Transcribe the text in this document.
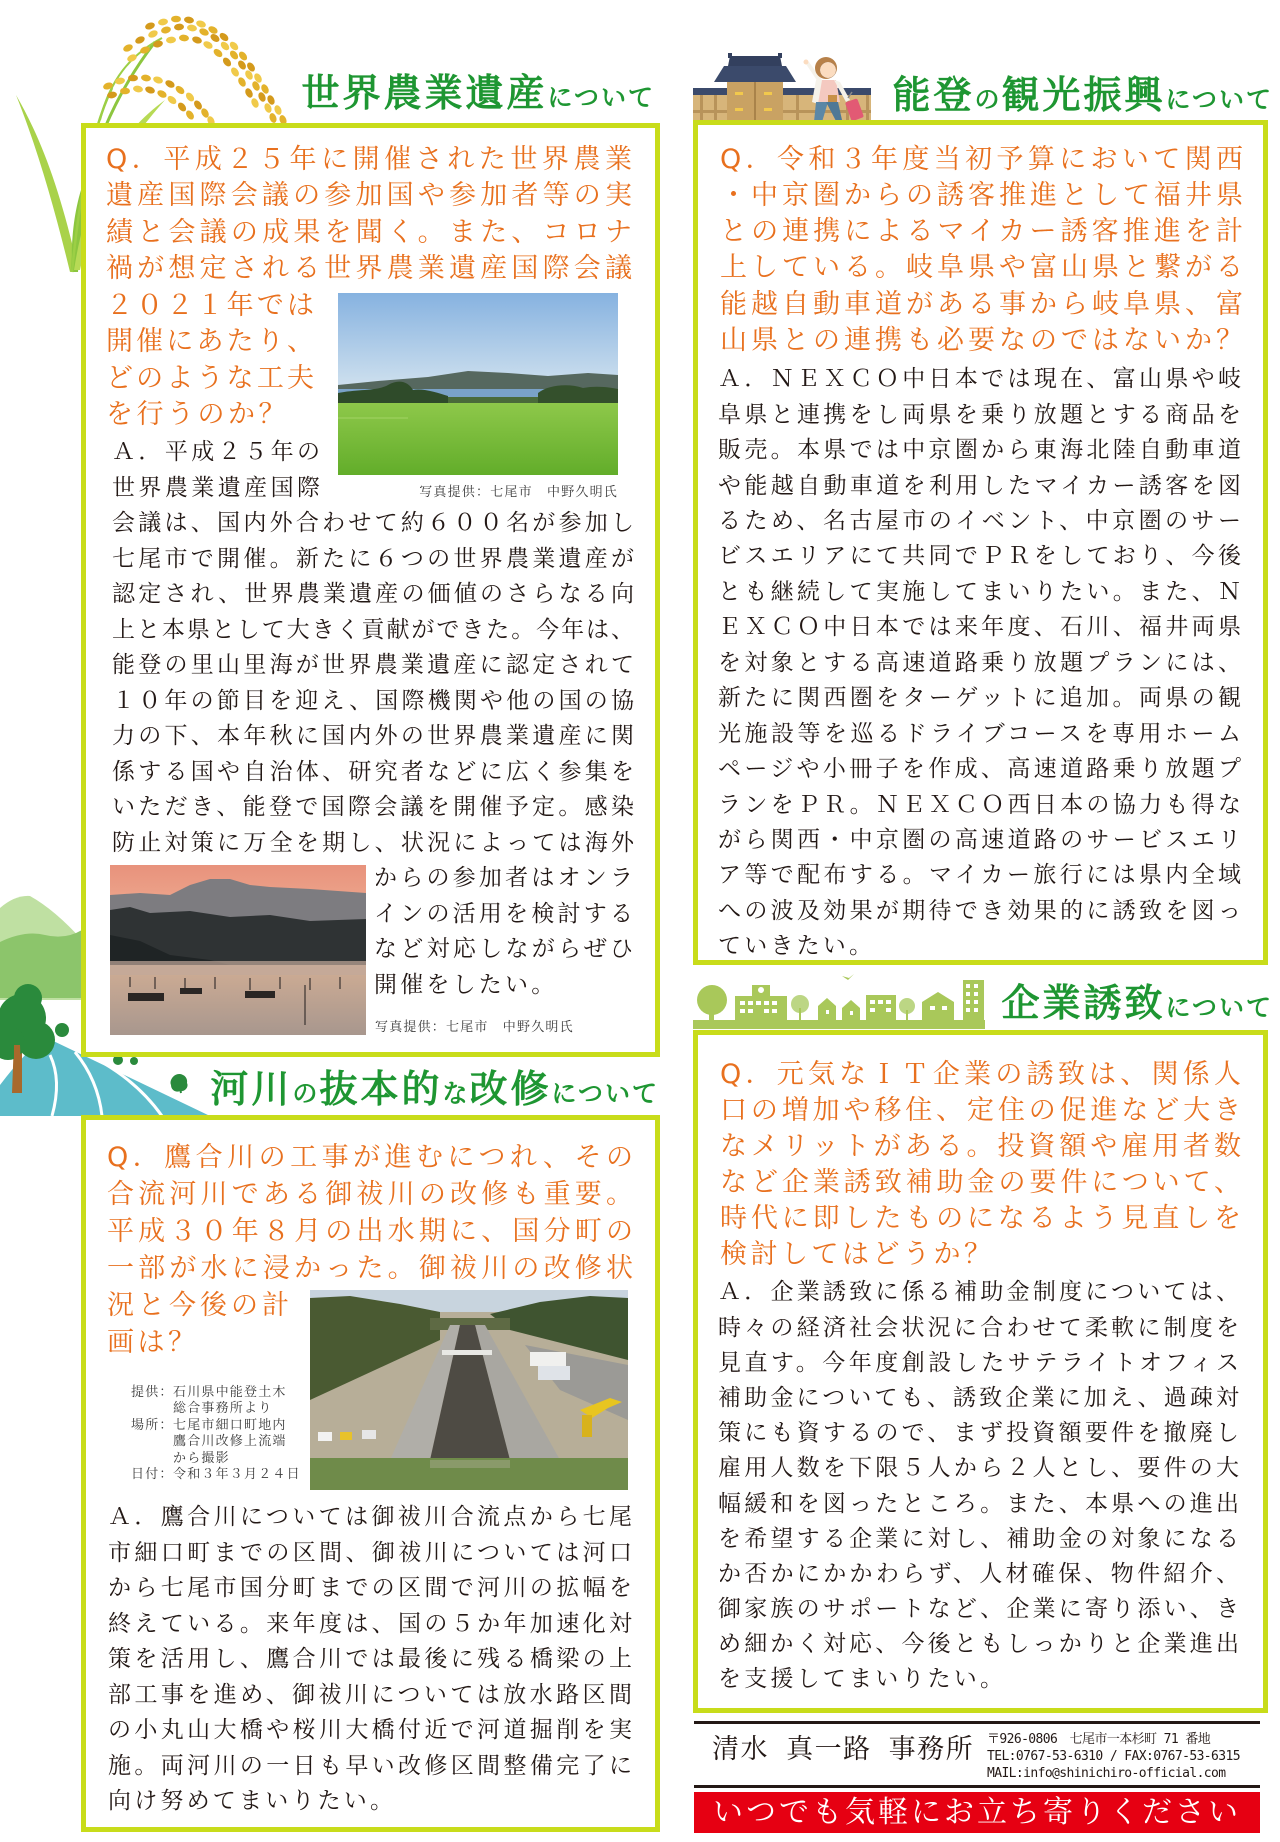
世界農業遺産 について
河川 の 抜本的 な 改修 について
能登 の 観光振興 について
企業誘致 について
Q．平成２５年に開催された世界農業
遺産国際会議の参加国や参加者等の実
績と会議の成果を聞く。また、コロナ
禍が想定される世界農業遺産国際会議
２０２１年では
開催にあたり、
どのような工夫
を行うのか？
写真提供：七尾市　中野久明氏
Ａ．平成２５年の
世界農業遺産国際
会議は、国内外合わせて約６００名が参加し
七尾市で開催。新たに６つの世界農業遺産が
認定され、世界農業遺産の価値のさらなる向
上と本県として大きく貢献ができた。今年は、
能登の里山里海が世界農業遺産に認定されて
１０年の節目を迎え、国際機関や他の国の協
力の下、本年秋に国内外の世界農業遺産に関
係する国や自治体、研究者などに広く参集を
いただき、能登で国際会議を開催予定。感染
防止対策に万全を期し、状況によっては海外
からの参加者はオンラ
インの活用を検討する
など対応しながらぜひ
開催をしたい。
写真提供：七尾市　中野久明氏
Q．鷹合川の工事が進むにつれ、その
合流河川である御祓川の改修も重要。
平成３０年８月の出水期に、国分町の
一部が水に浸かった。御祓川の改修状
況と今後の計
画は？
提供： 石川県中能登土木
総合事務所より
場所： 七尾市細口町地内
鷹合川改修上流端
から撮影
日付： 令和３年３月２４日
Ａ．鷹合川については御祓川合流点から七尾
市細口町までの区間、御祓川については河口
から七尾市国分町までの区間で河川の拡幅を
終えている。来年度は、国の５か年加速化対
策を活用し、鷹合川では最後に残る橋梁の上
部工事を進め、御祓川については放水路区間
の小丸山大橋や桜川大橋付近で河道掘削を実
施。両河川の一日も早い改修区間整備完了に
向け努めてまいりたい。
Q．令和３年度当初予算において関西
・中京圏からの誘客推進として福井県
との連携によるマイカー誘客推進を計
上している。岐阜県や富山県と繋がる
能越自動車道がある事から岐阜県、富
山県との連携も必要なのではないか？
Ａ．ＮＥＸＣＯ中日本では現在、富山県や岐
阜県と連携をし両県を乗り放題とする商品を
販売。本県では中京圏から東海北陸自動車道
や能越自動車道を利用したマイカー誘客を図
るため、名古屋市のイベント、中京圏のサー
ビスエリアにて共同でＰＲをしており、今後
とも継続して実施してまいりたい。また、Ｎ
ＥＸＣＯ中日本では来年度、石川、福井両県
を対象とする高速道路乗り放題プランには、
新たに関西圏をターゲットに追加。両県の観
光施設等を巡るドライブコースを専用ホーム
ページや小冊子を作成、高速道路乗り放題プ
ランをＰＲ。ＮＥＸＣＯ西日本の協力も得な
がら関西・中京圏の高速道路のサービスエリ
ア等で配布する。マイカー旅行には県内全域
への波及効果が期待でき効果的に誘致を図っ
ていきたい。
Q．元気なＩＴ企業の誘致は、関係人
口の増加や移住、定住の促進など大き
なメリットがある。投資額や雇用者数
など企業誘致補助金の要件について、
時代に即したものになるよう見直しを
検討してはどうか？
Ａ．企業誘致に係る補助金制度については、
時々の経済社会状況に合わせて柔軟に制度を
見直す。今年度創設したサテライトオフィス
補助金についても、誘致企業に加え、過疎対
策にも資するので、まず投資額要件を撤廃し
雇用人数を下限５人から２人とし、要件の大
幅緩和を図ったところ。また、本県への進出
を希望する企業に対し、補助金の対象になる
か否かにかかわらず、人材確保、物件紹介、
御家族のサポートなど、企業に寄り添い、き
め細かく対応、今後ともしっかりと企業進出
を支援してまいりたい。
清水 真一路 事務所 〒926-0806　七尾市一本杉町 71 番地
TEL:0767-53-6310 / FAX:0767-53-6315
MAIL:info@shinichiro-official.com
いつでも気軽にお立ち寄りください
